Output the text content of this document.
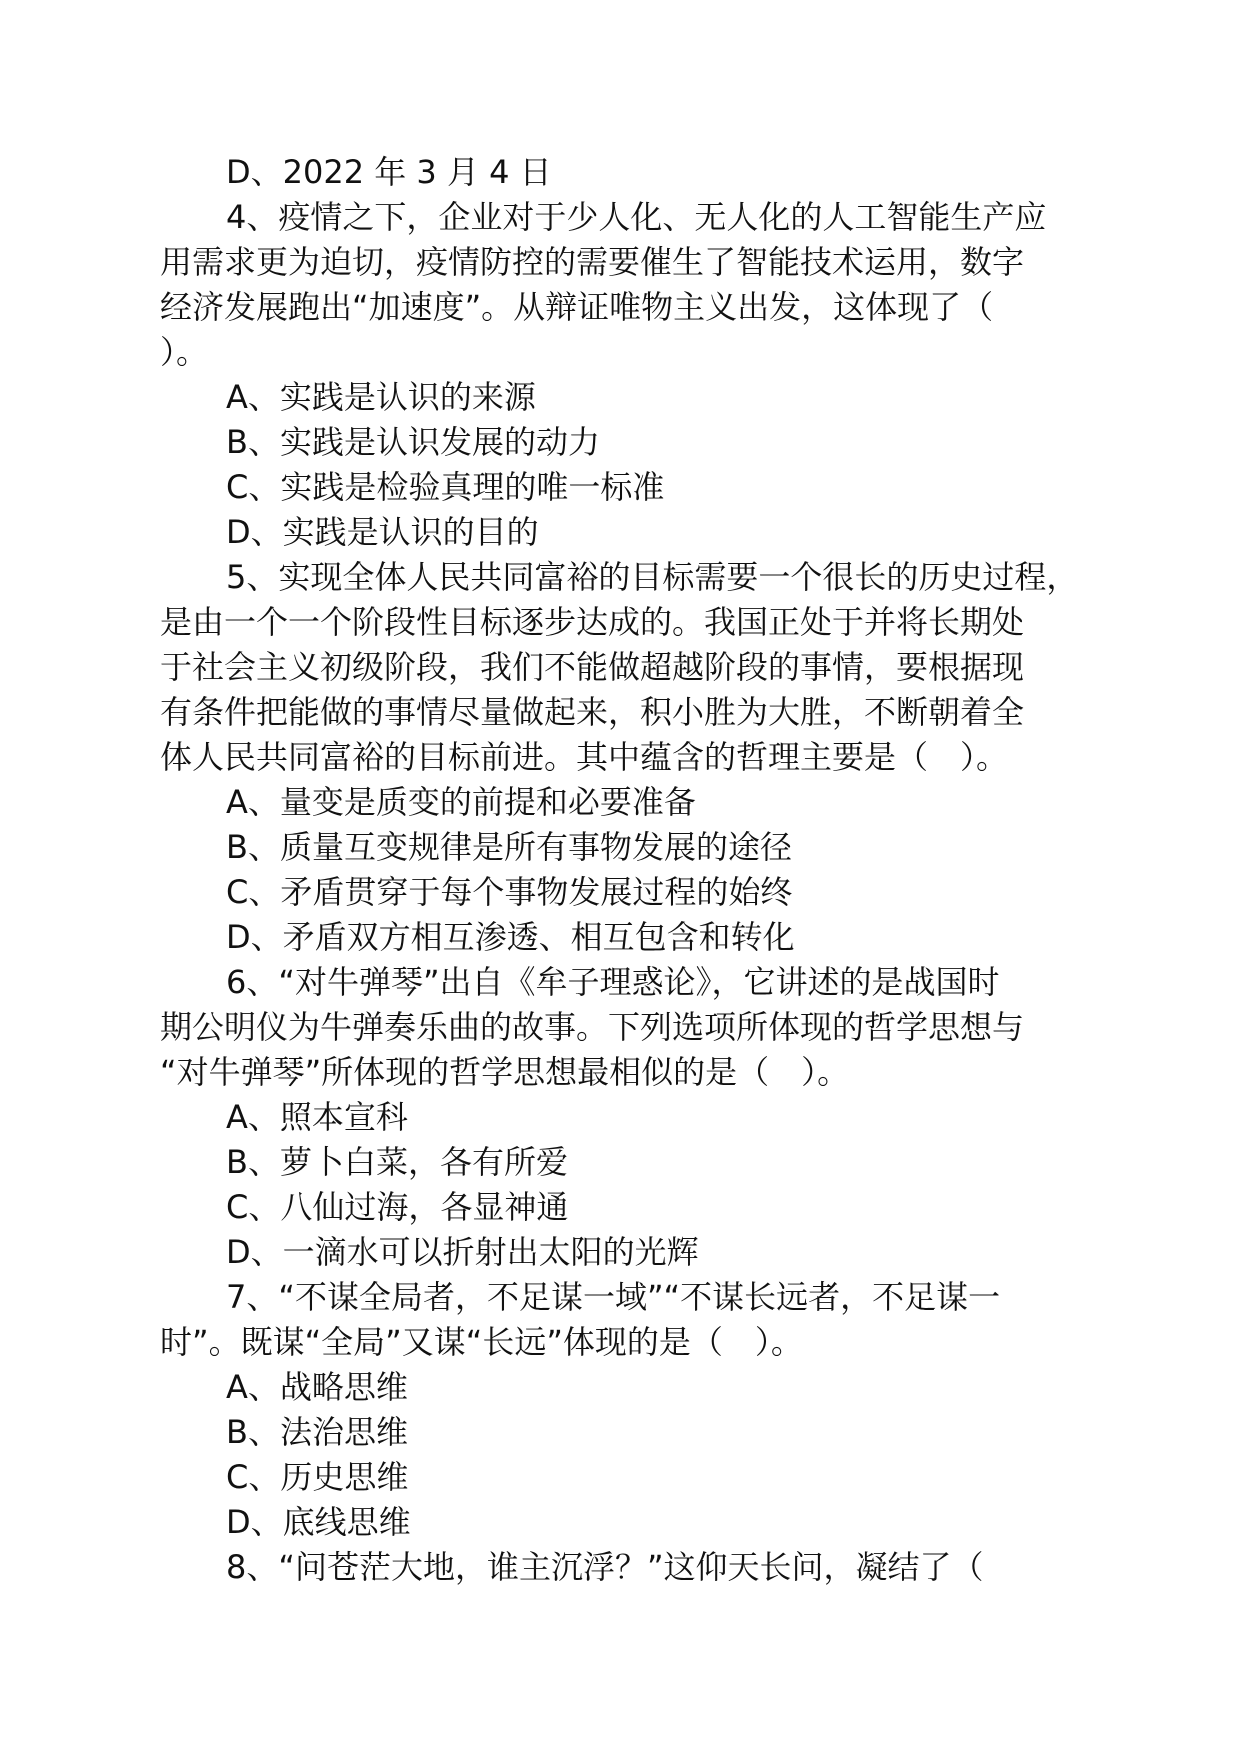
D、2022 年 3 月 4 日
4、疫情之下，企业对于少人化、无人化的人工智能生产应
用需求更为迫切，疫情防控的需要催生了智能技术运用，数字
经济发展跑出“加速度”。从辩证唯物主义出发，这体现了（
）。
A、实践是认识的来源
B、实践是认识发展的动力
C、实践是检验真理的唯一标准
D、实践是认识的目的
5、实现全体人民共同富裕的目标需要一个很长的历史过程，
是由一个一个阶段性目标逐步达成的。我国正处于并将长期处
于社会主义初级阶段，我们不能做超越阶段的事情，要根据现
有条件把能做的事情尽量做起来，积小胜为大胜，不断朝着全
体人民共同富裕的目标前进。其中蕴含的哲理主要是（　）。
A、量变是质变的前提和必要准备
B、质量互变规律是所有事物发展的途径
C、矛盾贯穿于每个事物发展过程的始终
D、矛盾双方相互渗透、相互包含和转化
6、“对牛弹琴”出自《牟子理惑论》，它讲述的是战国时
期公明仪为牛弹奏乐曲的故事。下列选项所体现的哲学思想与
“对牛弹琴”所体现的哲学思想最相似的是（　）。
A、照本宣科
B、萝卜白菜，各有所爱
C、八仙过海，各显神通
D、一滴水可以折射出太阳的光辉
7、“不谋全局者，不足谋一域”“不谋长远者，不足谋一
时”。既谋“全局”又谋“长远”体现的是（　）。
A、战略思维
B、法治思维
C、历史思维
D、底线思维
8、“问苍茫大地，谁主沉浮？”这仰天长问，凝结了（
